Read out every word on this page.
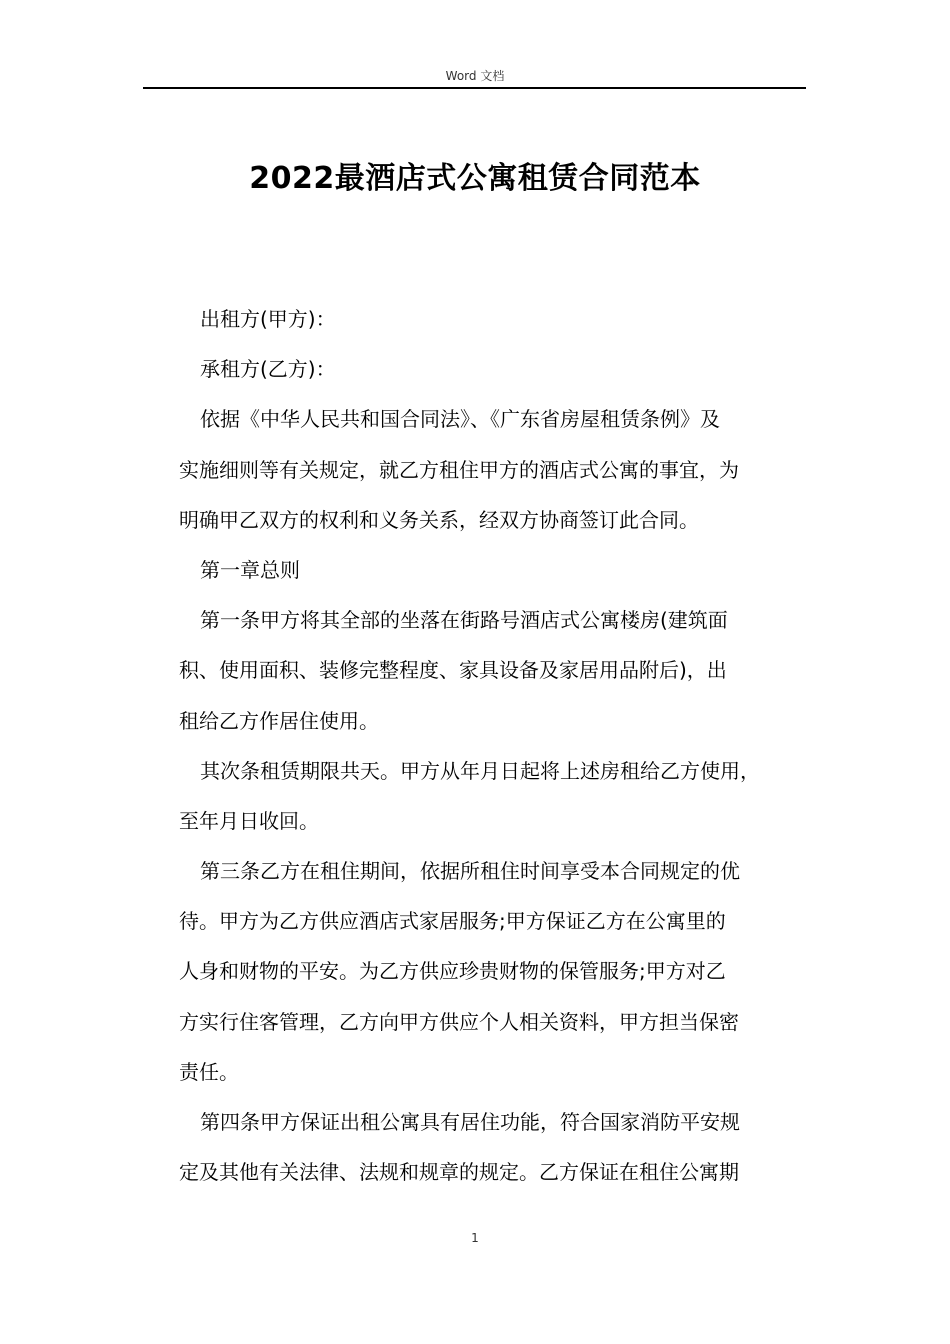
Word 文档
2022最酒店式公寓租赁合同范本
出租方(甲方)：
承租方(乙方)：
依据《中华人民共和国合同法》、《广东省房屋租赁条例》及
实施细则等有关规定，就乙方租住甲方的酒店式公寓的事宜，为
明确甲乙双方的权利和义务关系，经双方协商签订此合同。
第一章总则
第一条甲方将其全部的坐落在街路号酒店式公寓楼房(建筑面
积、使用面积、装修完整程度、家具设备及家居用品附后)，出
租给乙方作居住使用。
其次条租赁期限共天。甲方从年月日起将上述房租给乙方使用，
至年月日收回。
第三条乙方在租住期间，依据所租住时间享受本合同规定的优
待。甲方为乙方供应酒店式家居服务;甲方保证乙方在公寓里的
人身和财物的平安。为乙方供应珍贵财物的保管服务;甲方对乙
方实行住客管理，乙方向甲方供应个人相关资料，甲方担当保密
责任。
第四条甲方保证出租公寓具有居住功能，符合国家消防平安规
定及其他有关法律、法规和规章的规定。乙方保证在租住公寓期
1
